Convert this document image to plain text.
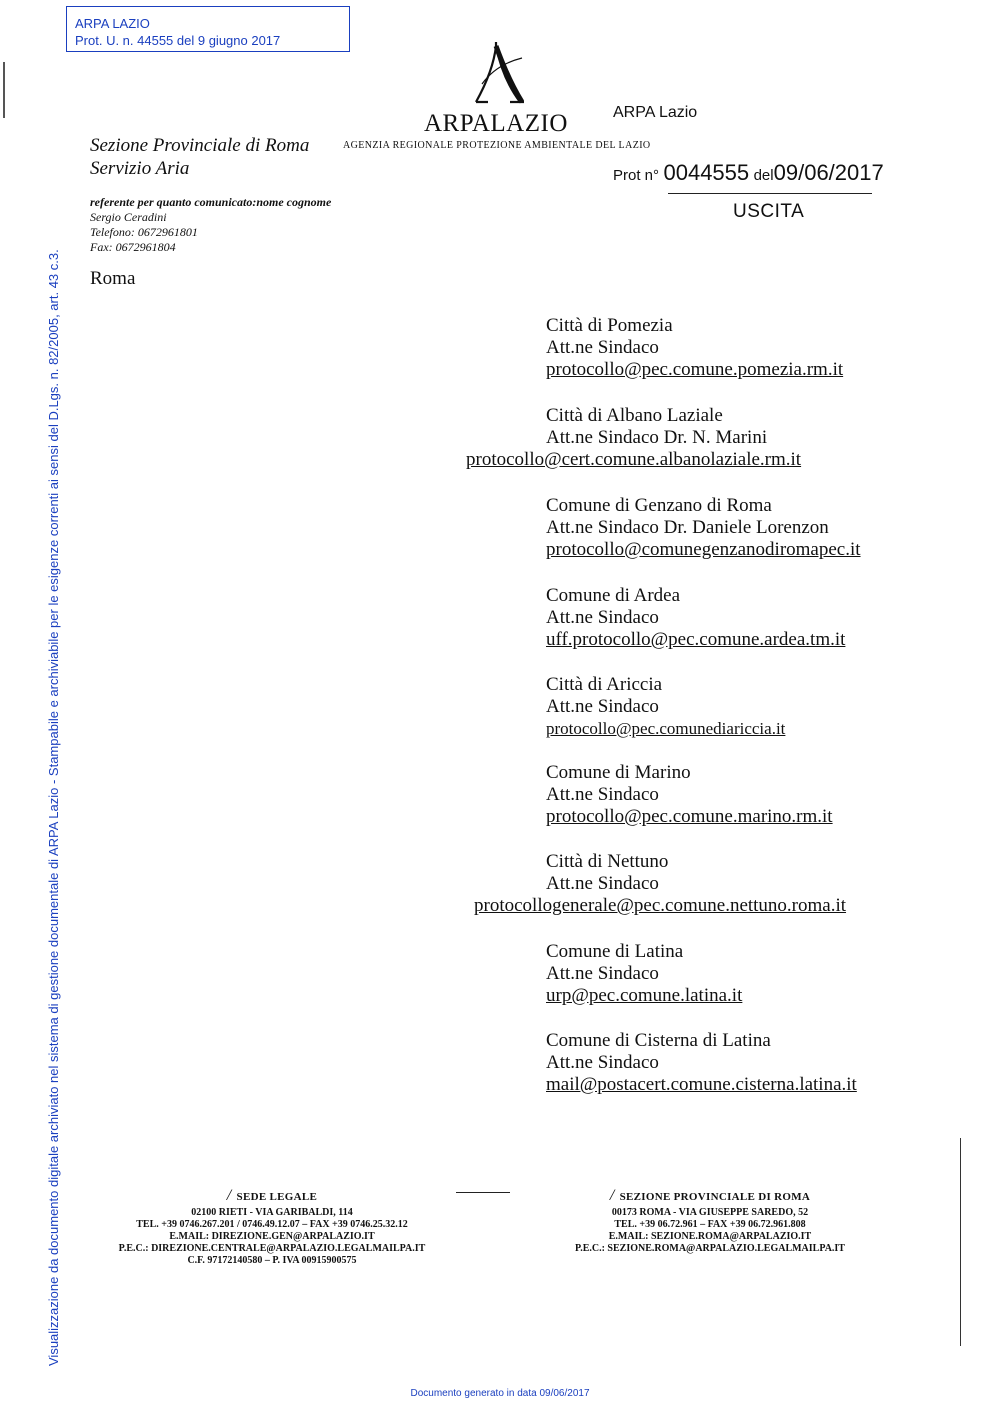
ARPA LAZIO
Prot. U. n. 44555 del 9 giugno 2017
Visualizzazione da documento digitale archiviato nel sistema di gestione documentale di ARPA Lazio - Stampabile e archiviabile per le esigenze correnti ai sensi del D.Lgs. n. 82/2005, art. 43 c.3.
ARPALAZIO
AGENZIA REGIONALE PROTEZIONE AMBIENTALE DEL LAZIO
ARPA Lazio
Sezione Provinciale di Roma
Servizio Aria	Prot n° 0044555 del09/06/2017
USCITA
referente per quanto comunicato:nome cognome
Sergio Ceradini
Telefono: 0672961801
Fax: 0672961804
Roma
Città di Pomezia
Att.ne Sindaco
protocollo@pec.comune.pomezia.rm.it
Città di Albano Laziale
Att.ne Sindaco Dr. N. Marini
protocollo@cert.comune.albanolaziale.rm.it
Comune di Genzano di Roma
Att.ne Sindaco Dr. Daniele Lorenzon
protocollo@comunegenzanodiromapec.it
Comune di Ardea
Att.ne Sindaco
uff.protocollo@pec.comune.ardea.tm.it
Città di Ariccia
Att.ne Sindaco
protocollo@pec.comunediariccia.it
Comune di Marino
Att.ne Sindaco
protocollo@pec.comune.marino.rm.it
Città di Nettuno
Att.ne Sindaco
protocollogenerale@pec.comune.nettuno.roma.it
Comune di Latina
Att.ne Sindaco
urp@pec.comune.latina.it
Comune di Cisterna di Latina
Att.ne Sindaco
mail@postacert.comune.cisterna.latina.it
/ SEDE LEGALE
02100 RIETI - VIA GARIBALDI, 114
TEL. +39 0746.267.201 / 0746.49.12.07 – FAX +39 0746.25.32.12
E.MAIL: DIREZIONE.GEN@ARPALAZIO.IT
P.E.C.: DIREZIONE.CENTRALE@ARPALAZIO.LEGALMAILPA.IT
C.F. 97172140580 – P. IVA 00915900575
/ SEZIONE PROVINCIALE DI ROMA
00173 ROMA - VIA GIUSEPPE SAREDO, 52
TEL. +39 06.72.961 – FAX +39 06.72.961.808
E.MAIL: SEZIONE.ROMA@ARPALAZIO.IT
P.E.C.: SEZIONE.ROMA@ARPALAZIO.LEGALMAILPA.IT
Documento generato in data 09/06/2017
